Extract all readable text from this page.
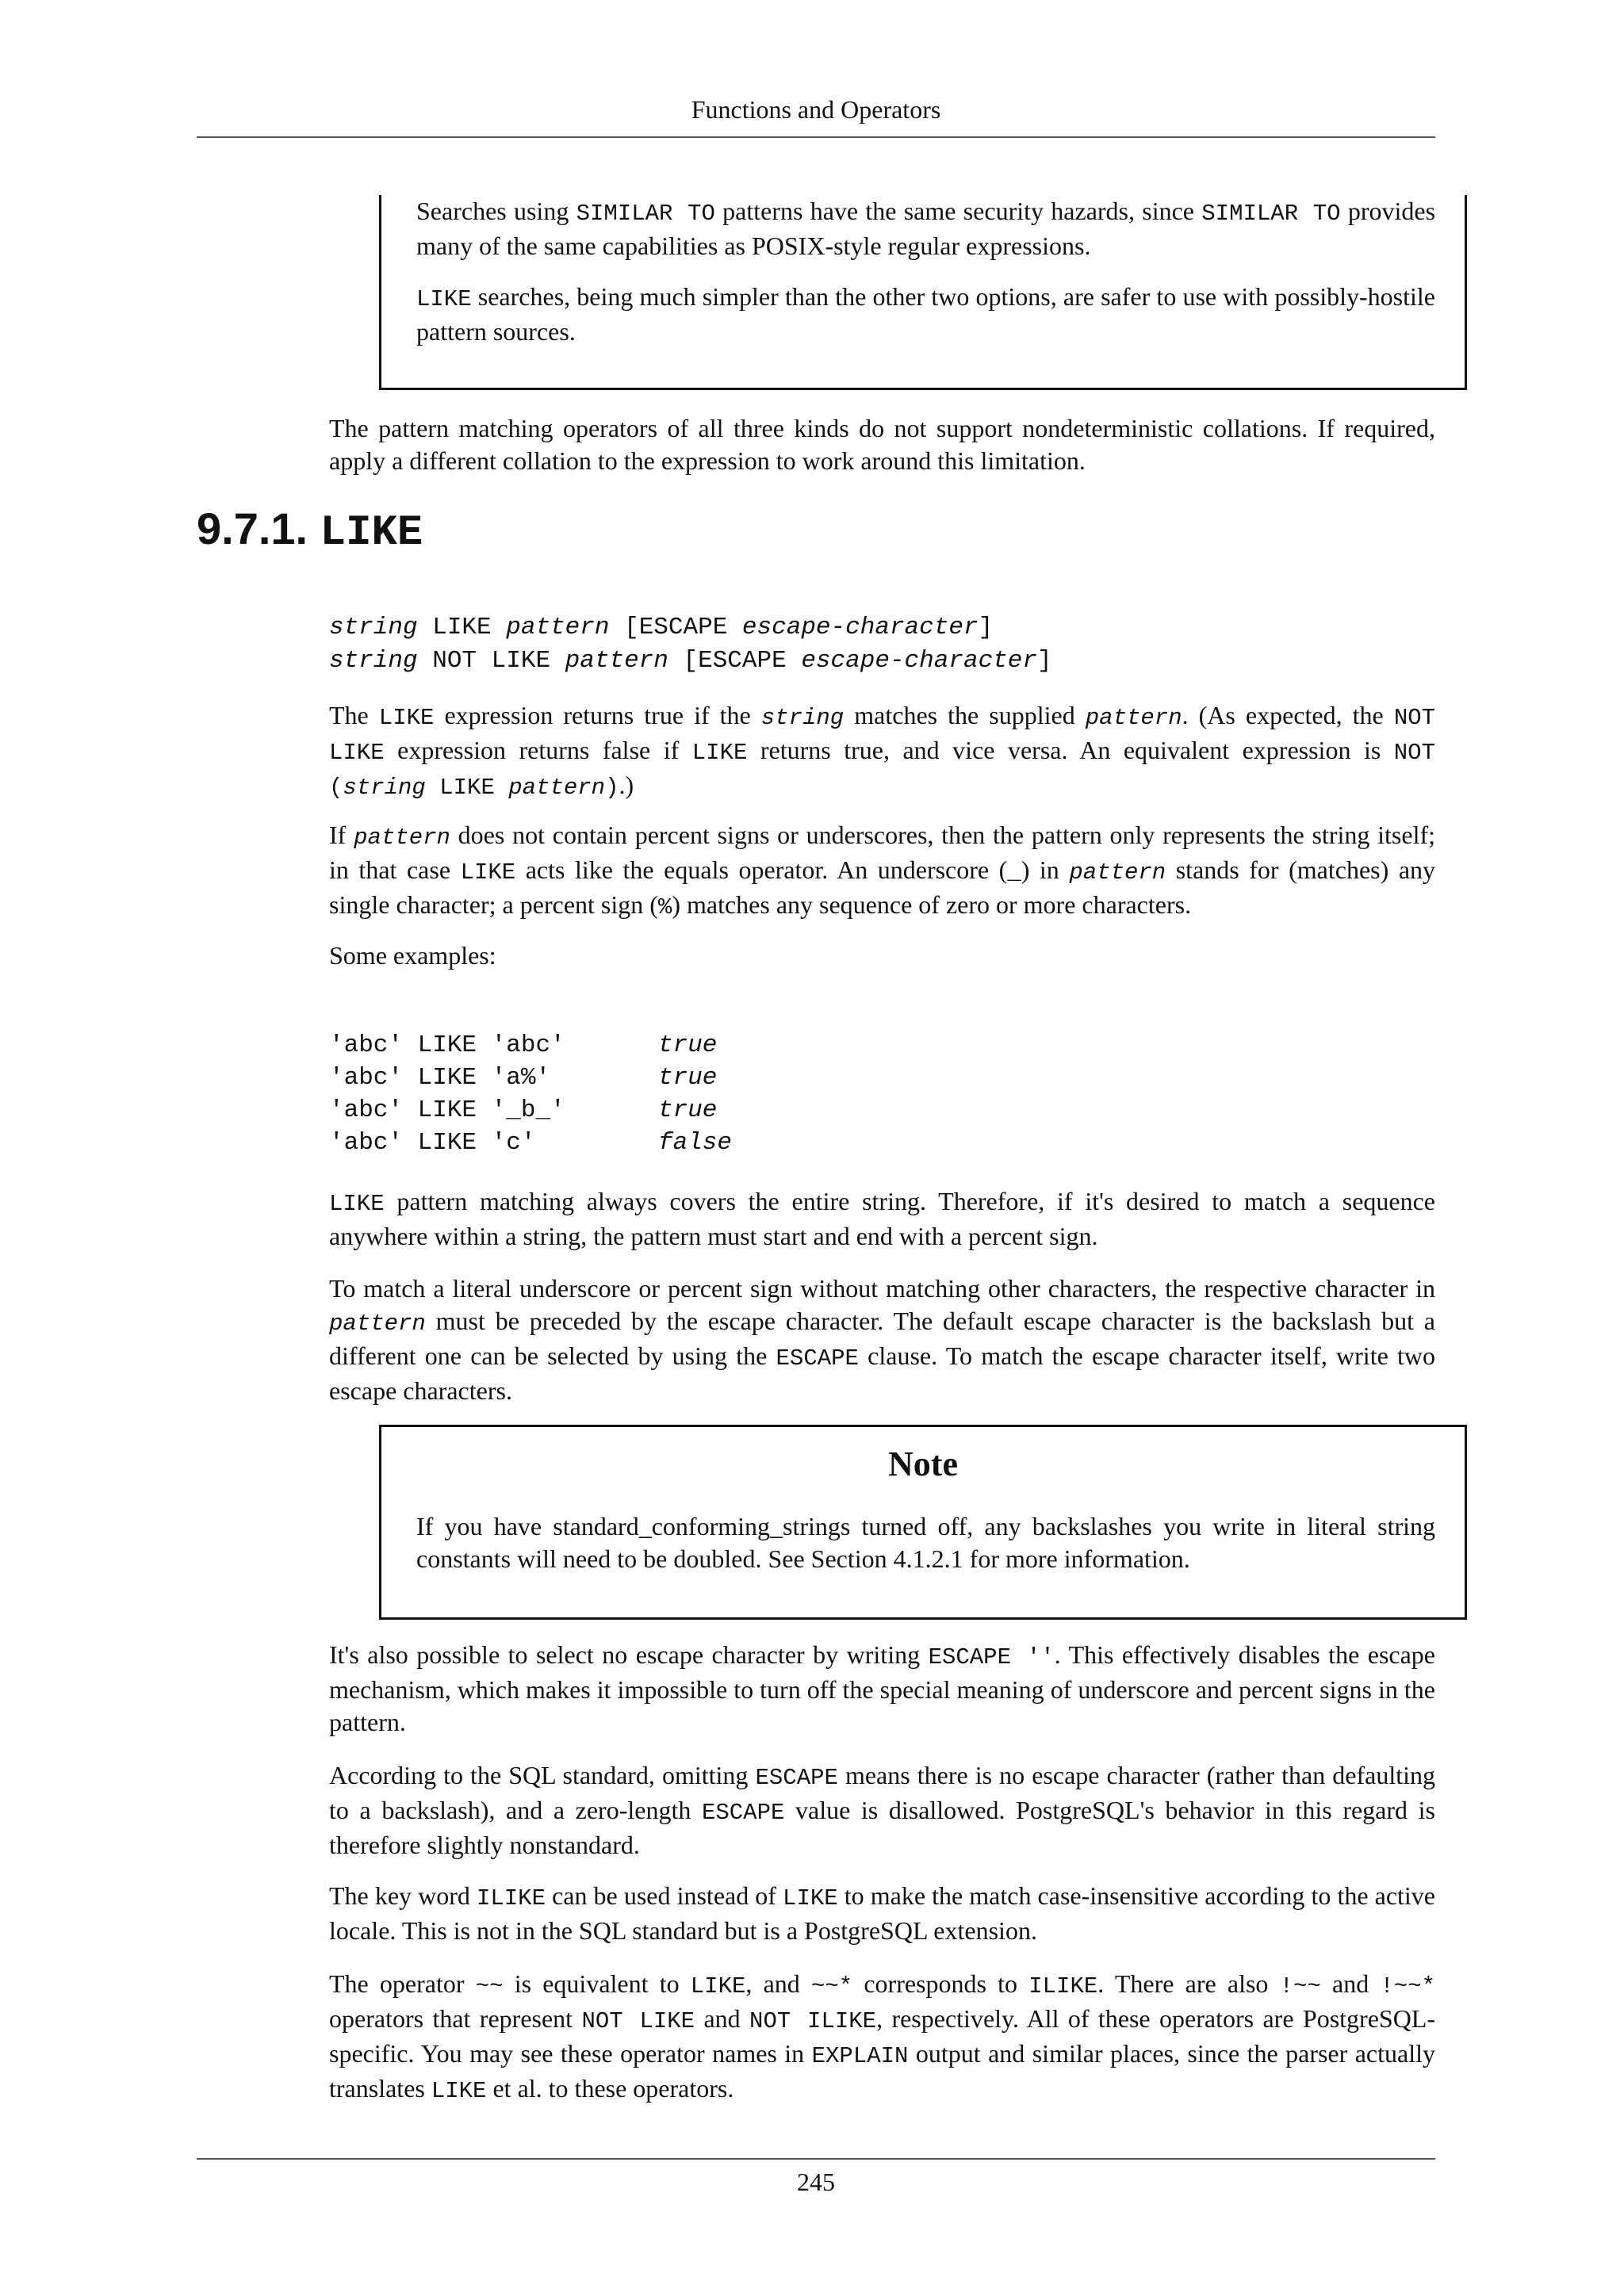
Functions and Operators

Searches using SIMILAR TO patterns have the same security hazards, since SIMILAR TO provides many of the same capabilities as POSIX-style regular expressions.

LIKE searches, being much simpler than the other two options, are safer to use with possibly-hostile pattern sources.

The pattern matching operators of all three kinds do not support nondeterministic collations. If required, apply a different collation to the expression to work around this limitation.

9.7.1. LIKE
string LIKE pattern [ESCAPE escape-character]
string NOT LIKE pattern [ESCAPE escape-character]

The LIKE expression returns true if the string matches the supplied pattern. (As expected, the NOT LIKE expression returns false if LIKE returns true, and vice versa. An equivalent expression is NOT (string LIKE pattern).)

If pattern does not contain percent signs or underscores, then the pattern only represents the string itself; in that case LIKE acts like the equals operator. An underscore (_) in pattern stands for (matches) any single character; a percent sign (%) matches any sequence of zero or more characters.

Some examples:

'abc' LIKE 'abc'	true
'abc' LIKE 'a%'	true
'abc' LIKE '_b_'	true
'abc' LIKE 'c'	false

LIKE pattern matching always covers the entire string. Therefore, if it's desired to match a sequence anywhere within a string, the pattern must start and end with a percent sign.

To match a literal underscore or percent sign without matching other characters, the respective character in pattern must be preceded by the escape character. The default escape character is the backslash but a different one can be selected by using the ESCAPE clause. To match the escape character itself, write two escape characters.

Note

If you have standard_conforming_strings turned off, any backslashes you write in literal string constants will need to be doubled. See Section 4.1.2.1 for more information.

It's also possible to select no escape character by writing ESCAPE ''. This effectively disables the escape mechanism, which makes it impossible to turn off the special meaning of underscore and percent signs in the pattern.

According to the SQL standard, omitting ESCAPE means there is no escape character (rather than defaulting to a backslash), and a zero-length ESCAPE value is disallowed. PostgreSQL's behavior in this regard is therefore slightly nonstandard.

The key word ILIKE can be used instead of LIKE to make the match case-insensitive according to the active locale. This is not in the SQL standard but is a PostgreSQL extension.

The operator ~~ is equivalent to LIKE, and ~~* corresponds to ILIKE. There are also !~~ and !~~* operators that represent NOT LIKE and NOT ILIKE, respectively. All of these operators are PostgreSQL-specific. You may see these operator names in EXPLAIN output and similar places, since the parser actually translates LIKE et al. to these operators.

245
